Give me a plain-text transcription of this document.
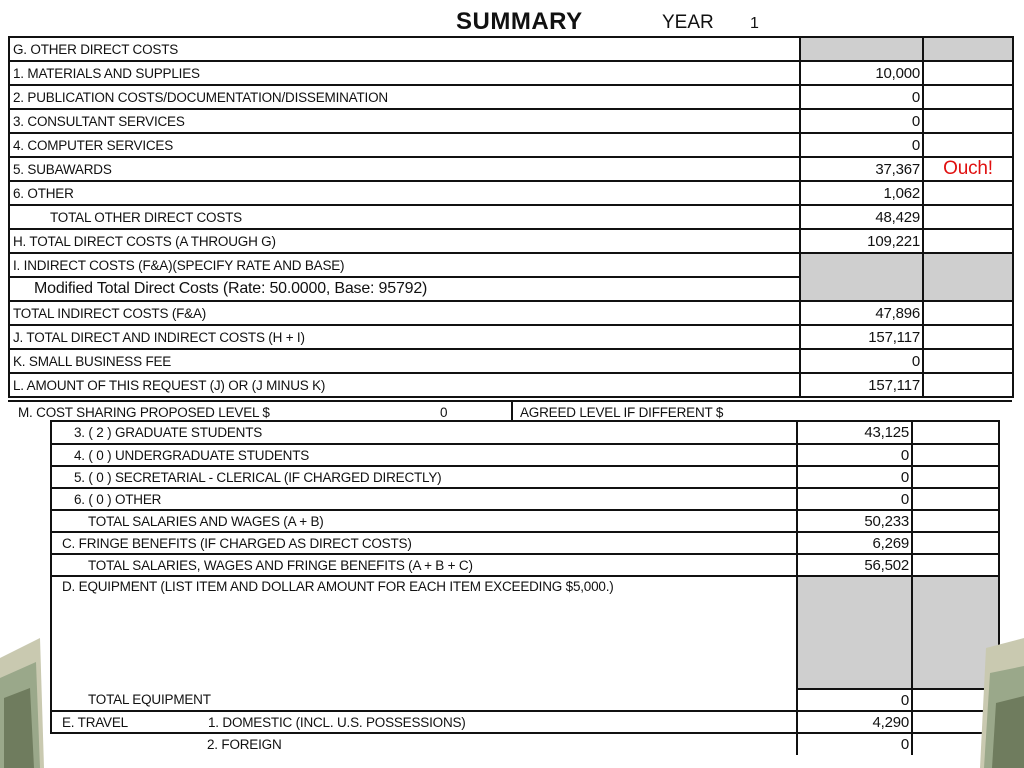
SUMMARY	YEAR 1
G. OTHER DIRECT COSTS		
1. MATERIALS AND SUPPLIES	10,000	
2. PUBLICATION COSTS/DOCUMENTATION/DISSEMINATION	0	
3. CONSULTANT SERVICES	0	
4. COMPUTER SERVICES	0	
5. SUBAWARDS	37,367	Ouch!
6. OTHER	1,062	
TOTAL OTHER DIRECT COSTS	48,429	
H. TOTAL DIRECT COSTS (A THROUGH G)	109,221	
I. INDIRECT COSTS (F&A)(SPECIFY RATE AND BASE)		
Modified Total Direct Costs (Rate: 50.0000, Base: 95792)		
TOTAL INDIRECT COSTS (F&A)	47,896	
J. TOTAL DIRECT AND INDIRECT COSTS (H + I)	157,117	
K. SMALL BUSINESS FEE	0	
L. AMOUNT OF THIS REQUEST (J) OR (J MINUS K)	157,117	
M. COST SHARING PROPOSED LEVEL $	0	AGREED LEVEL IF DIFFERENT $
3. ( 2 ) GRADUATE STUDENTS	43,125	
4. ( 0 ) UNDERGRADUATE STUDENTS	0	
5. ( 0 ) SECRETARIAL - CLERICAL (IF CHARGED DIRECTLY)	0	
6. ( 0 ) OTHER	0	
TOTAL SALARIES AND WAGES (A + B)	50,233	
C. FRINGE BENEFITS (IF CHARGED AS DIRECT COSTS)	6,269	
TOTAL SALARIES, WAGES AND FRINGE BENEFITS (A + B + C)	56,502	
D. EQUIPMENT (LIST ITEM AND DOLLAR AMOUNT FOR EACH ITEM EXCEEDING $5,000.)		
TOTAL EQUIPMENT	0	
E. TRAVEL 1. DOMESTIC (INCL. U.S. POSSESSIONS)	4,290	
2. FOREIGN	0	
